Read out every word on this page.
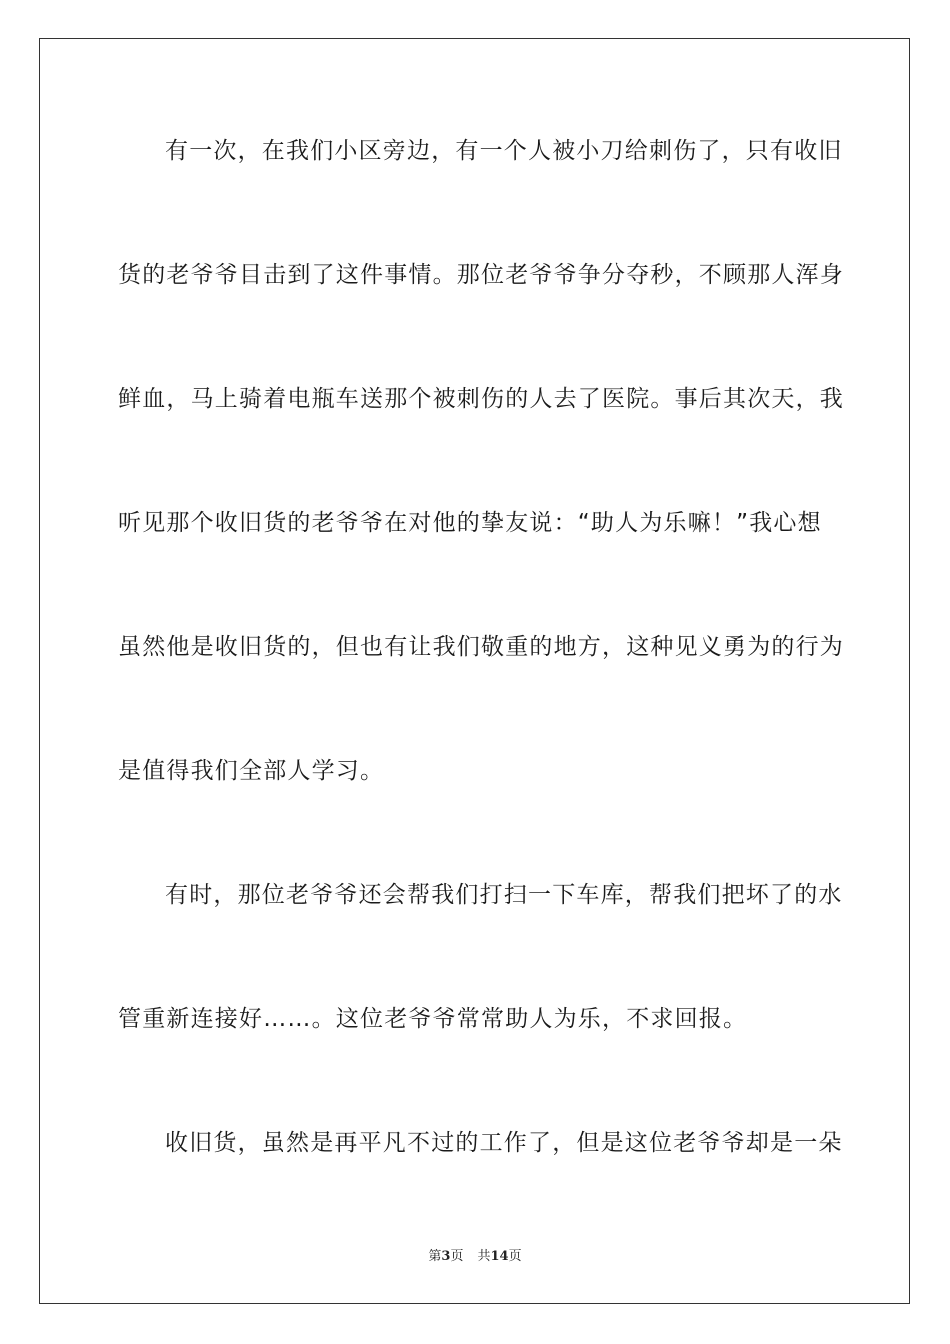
有一次，在我们小区旁边，有一个人被小刀给刺伤了，只有收旧
货的老爷爷目击到了这件事情。那位老爷爷争分夺秒，不顾那人浑身
鲜血，马上骑着电瓶车送那个被刺伤的人去了医院。事后其次天，我
听见那个收旧货的老爷爷在对他的挚友说：“助人为乐嘛！”我心想
虽然他是收旧货的，但也有让我们敬重的地方，这种见义勇为的行为
是值得我们全部人学习。
有时，那位老爷爷还会帮我们打扫一下车库，帮我们把坏了的水
管重新连接好……。这位老爷爷常常助人为乐，不求回报。
收旧货，虽然是再平凡不过的工作了，但是这位老爷爷却是一朵
第3页 共14页
